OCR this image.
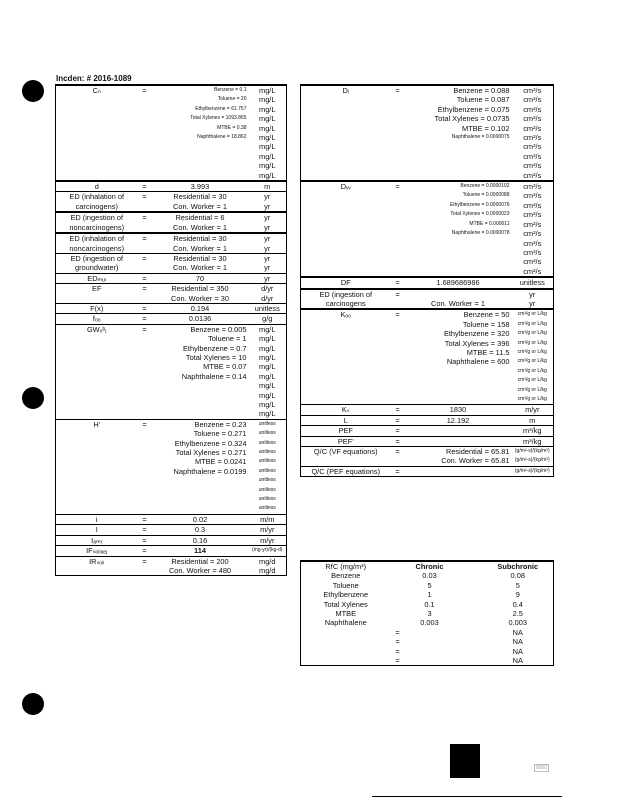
Incden: # 2016-1089
Cₙ	=	Benzene = 0.1	mg/L
		Toluene = 20	mg/L
		Ethylbenzene = 61.757	mg/L
		Total Xylenes = 1093.865	mg/L
		MTBE = 0.38	mg/L
		Naphthalene = 18.862	mg/L
			mg/L
			mg/L
			mg/L
			mg/L
d	=	3.993	m
ED (inhalation of	=	Residential = 30	yr
carcinogens)		Con. Worker = 1	yr
ED (ingestion of	=	Residential = 6	yr
noncarcinogens)		Con. Worker = 1	yr
ED (inhalation of	=	Residential = 30	yr
noncarcinogens)		Con. Worker = 1	yr
ED (ingestion of	=	Residential = 30	yr
groundwater)		Con. Worker = 1	yr
EDₘᵤₗ	=	70	yr
EF	=	Residential = 350	d/yr
		Con. Worker = 30	d/yr
F(x)	=	0.194	unitless
fₒₒ	=	0.0136	g/g
GWₒᵇⱼ	=	Benzene = 0.005	mg/L
		Toluene = 1	mg/L
		Ethylbenzene = 0.7	mg/L
		Total Xylenes = 10	mg/L
		MTBE = 0.07	mg/L
		Naphthalene = 0.14	mg/L
			mg/L
			mg/L
			mg/L
			mg/L
H'	=	Benzene = 0.23	unitless
		Toluene = 0.271	unitless
		Ethylbenzene = 0.324	unitless
		Total Xylenes = 0.271	unitless
		MTBE = 0.0241	unitless
		Naphthalene = 0.0199	unitless
			unitless
			unitless
			unitless
			unitless
i	=	0.02	m/m
I	=	0.3	m/yr
Iₐₘᵣ	=	0.16	m/yr
IFₛₒᵢₗₐₑⱼ	=	114	(mg-yr)/(kg-d)
IRₛₒᵢₗ	=	Residential = 200	mg/d
		Con. Worker = 480	mg/d
Dᵢ	=	Benzene = 0.088	cm²/s
		Toluene = 0.087	cm²/s
		Ethylbenzene = 0.075	cm²/s
		Total Xylenes = 0.0735	cm²/s
		MTBE = 0.102	cm²/s
		Naphthalene = 0.0000075	cm²/s
			cm²/s
			cm²/s
			cm²/s
			cm²/s
Dᵥᵥ	=	Benzene = 0.0000102	cm²/s
		Toluene = 0.0000088	cm²/s
		Ethylbenzene = 0.0000076	cm²/s
		Total Xylenes = 0.0000023	cm²/s
		MTBE = 0.000011	cm²/s
		Naphthalene = 0.0000078	cm²/s
			cm²/s
			cm²/s
			cm²/s
			cm²/s
DF	=	1.689686986	unitless
ED (ingestion of	=		yr
carcinogens		Con. Worker = 1	yr
Kₒₒ	=	Benzene = 50	cm³/g or L/kg
		Toluene = 158	cm³/g or L/kg
		Ethylbenzene = 320	cm³/g or L/kg
		Total Xylenes = 396	cm³/g or L/kg
		MTBE = 11.5	cm³/g or L/kg
		Naphthalene = 600	cm³/g or L/kg
			cm³/g or L/kg
			cm³/g or L/kg
			cm³/g or L/kg
			cm³/g or L/kg
Kₛ	=	1830	m/yr
L	=	12.192	m
PEF	=		m³/kg
PEF'	=		m³/kg
Q/C (VF equations)	=	Residential = 65.81	(g/m²-s)/(kg/m³)
		Con. Worker = 65.81	(g/m²-s)/(kg/m³)
Q/C (PEF equations)	=		(g/m²-s)/(kg/m³)
RfC (mg/m³)		Chronic		Subchronic
Benzene		0.03		0.08
Toluene		5		5
Ethylbenzene		1		9
Total Xylenes		0.1		0.4
MTBE		3		2.5
Naphthalene		0.003		0.003
	=			NA
	=			NA
	=			NA
	=			NA
0000
